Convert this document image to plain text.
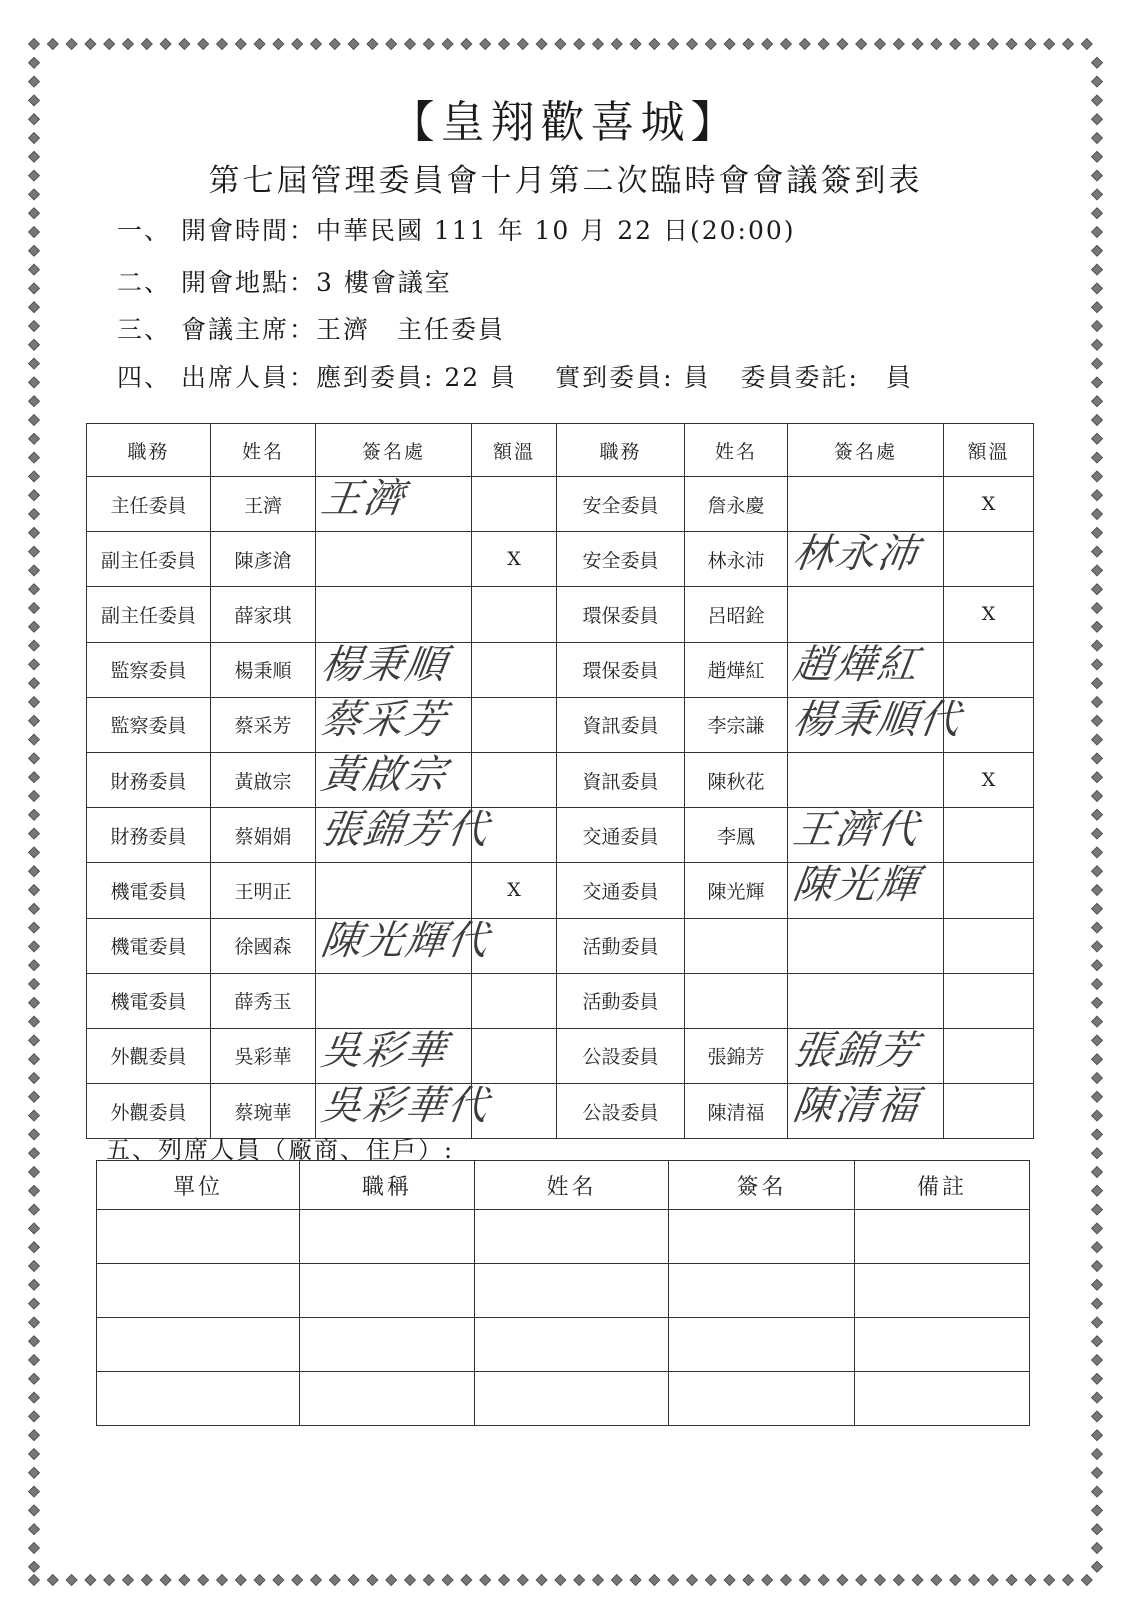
【皇翔歡喜城】
第七屆管理委員會十月第二次臨時會會議簽到表
一、 開會時間：中華民國 111 年 10 月 22 日(20:00)
二、 開會地點：3 樓會議室
三、 會議主席：王濟　主任委員
四、 出席人員：應到委員: 22 員 實到委員: 員 委員委託:　員
職務	姓名	簽名處	額溫	職務	姓名	簽名處	額溫
主任委員	王濟	王濟		安全委員	詹永慶		X
副主任委員	陳彥滄		X	安全委員	林永沛	林永沛	

副主任委員	薛家琪			環保委員	呂昭銓		X
監察委員	楊秉順	楊秉順		環保委員	趙燁紅	趙燁紅	

監察委員	蔡采芳	蔡采芳		資訊委員	李宗謙	楊秉順代	

財務委員	黃啟宗	黃啟宗		資訊委員	陳秋花		X
財務委員	蔡娟娟	張錦芳代		交通委員	李鳳	王濟代	

機電委員	王明正		X	交通委員	陳光輝	陳光輝	

機電委員	徐國森	陳光輝代		活動委員		

機電委員	薛秀玉			活動委員		

外觀委員	吳彩華	吳彩華		公設委員	張錦芳	張錦芳	

外觀委員	蔡琬華	吳彩華代		公設委員	陳清福	陳清福	

五、列席人員（廠商、住戶）:
單位	職稱	姓名	簽名	備註
